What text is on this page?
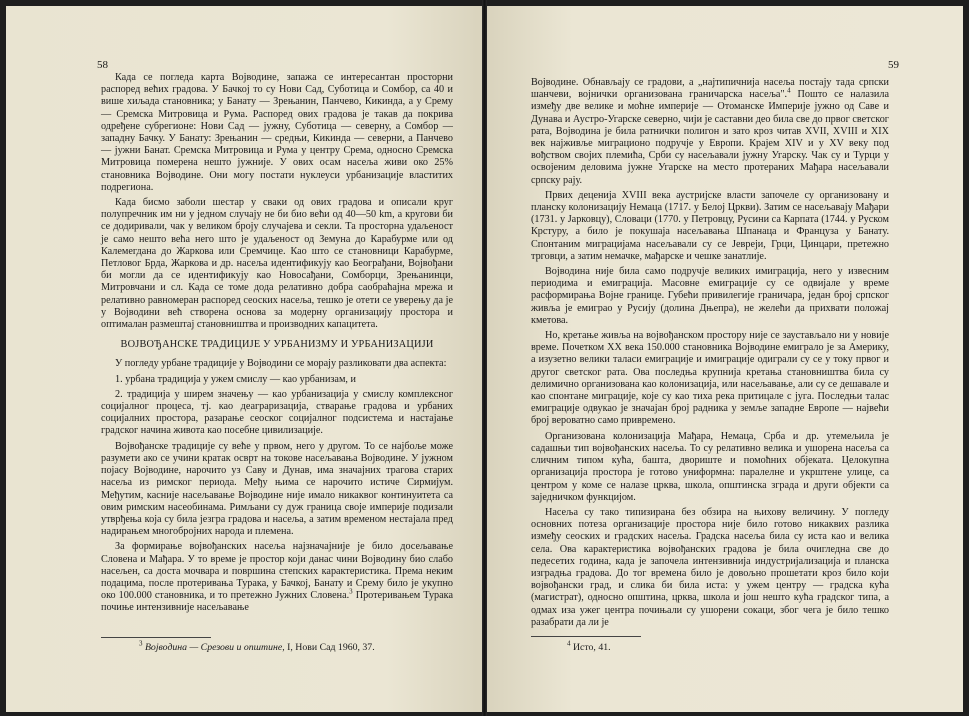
58

Када се погледа карта Војводине, запажа се интересантан просторни распоред већих градова. У Бачкој то су Нови Сад, Суботица и Сомбор, са 40 и више хиљада становника; у Банату — Зрењанин, Панчево, Кикинда, а у Срему — Сремска Митровица и Рума. Распоред ових градова је такав да покрива одређене субрегионе: Нови Сад — јужну, Суботица — северну, а Сомбор — западну Бачку. У Банату: Зрењанин — средњи, Кикинда — северни, а Панчево — јужни Банат. Сремска Митровица и Рума у центру Срема, односно Сремска Митровица померена нешто јужније. У ових осам насеља живи око 25% становника Војводине. Они могу постати нуклеуси урбанизације властитих подрегиона.

Када бисмо заболи шестар у сваки од ових градова и описали круг полупречник им ни у једном случају не би био већи од 40—50 km, а кругови би се додиривали, чак у великом броју случајева и секли. Та просторна удаљеност је само нешто већа него што је удаљеност од Земуна до Карабурме или од Калемегдана до Жаркова или Сремчице. Као што се становници Карабурме, Петловог Брда, Жаркова и др. насеља идентификују као Београђани, Војвођани би могли да се идентификују као Новосађани, Сомборци, Зрењанинци, Митровчани и сл. Када се томе дода релативно добра саобраћајна мрежа и релативно равномеран распоред сеоских насеља, тешко је отети се уверењу да је у Војводини већ створена основа за модерну организацију простора и оптималан размештај становништва и производних капацитета.

ВОЈВОЂАНСКЕ ТРАДИЦИЈЕ У УРБАНИЗМУ И УРБАНИЗАЦИЈИ

У погледу урбане традиције у Војводини се морају разликовати два аспекта:

1. урбана традиција у ужем смислу — као урбанизам, и

2. традиција у ширем значењу — као урбанизација у смислу комплексног социјалног процеса, тј. као деаграризација, стварање градова и урбаних социјалних простора, разарање сеоског социјалног подсистема и настајање градског начина живота као посебне цивилизације.

Војвођанске традиције су веће у првом, него у другом. То се најбоље може разумети ако се учини кратак осврт на токове насељавања Војводине. У јужном појасу Војводине, нарочито уз Саву и Дунав, има значајних трагова старих насеља из римског периода. Међу њима се нарочито истиче Сирмијум. Међутим, касније насељавање Војводине није имало никаквог континуитета са овим римским насеобинама. Римљани су дуж граница своје империје подизали утврђења која су била језгра градова и насеља, а затим временом нестајала пред надирањем многобројних народа и племена.

За формирање војвођанских насеља најзначајније је било досељавање Словена и Мађара. У то време је простор који данас чини Војводину био слабо насељен, са доста мочвара и површина степских карактеристика. Према неким подацима, после протеривања Турака, у Бачкој, Банату и Срему било је укупно око 100.000 становника, и то претежно Јужних Словена.$^3$ Протеривањем Турака почиње интензивније насељавање

$^3$ Војводина — Срезови и општине, I, Нови Сад 1960, 37.
59

Војводине. Обнављају се градови, а „најтипичнија насеља постају тада српски шанчеви, војнички организована граничарска насеља".$^4$ Пошто се налазила између две велике и моћне империје — Отоманске Империје јужно од Саве и Дунава и Аустро-Угарске северно, чији је саставни део била све до првог светског рата, Војводина је била ратнички полигон и зато кроз читав XVII, XVIII и XIX век најживље миграционо подручје у Европи. Крајем XIV и у XV веку под вођством својих племића, Срби су насељавали јужну Угарску. Чак су и Турци у освојеним деловима јужне Угарске на место протераних Мађара насељавали српску рају.

Првих деценија XVIII века аустријске власти започеле су организовану и планску колонизацију Немаца (1717. у Белој Цркви). Затим се насељавају Мађари (1731. у Јарковцу), Словаци (1770. у Петровцу, Русини са Карпата (1744. у Руском Крстуру, а било је покушаја насељавања Шпанаца и Француза у Банату. Спонтаним миграцијама насељавали су се Јевреји, Грци, Цинцари, претежно трговци, а затим немачке, мађарске и чешке занатлије.

Војводина није била само подручје великих имиграција, него у извесним периодима и емиграција. Масовне емиграције су се одвијале у време расформирања Војне границе. Губећи привилегије граничара, један број српског живља је емиграо у Русију (долина Дњепра), не желећи да прихвати положај кметова.

Но, кретање живља на војвођанском простору није се заустављало ни у новије време. Почетком XX века 150.000 становника Војводине емиграло је за Америку, а изузетно велики таласи емиграције и имиграције одиграли су се у току првог и другог светског рата. Ова последња крупнија кретања становништва била су делимично организована као колонизација, или насељавање, али су се дешавале и као спонтане миграције, које су као тиха река притицале с југа. Последњи талас емиграције одвукао је значајан број радника у земље западне Европе — највећи број вероватно само привремено.

Организована колонизација Мађара, Немаца, Срба и др. утемељила је садашњи тип војвођанских насеља. То су релативно велика и ушорена насеља са сличним типом кућа, башта, двориште и помоћних објеката. Целокупна организација простора је готово униформна: паралелне и укрштене улице, са центром у коме се налазе црква, школа, општинска зграда и други објекти са заједничком функцијом.

Насеља су тако типизирана без обзира на њихову величину. У погледу основних потеза организације простора није било готово никаквих разлика између сеоских и градских насеља. Градска насеља била су иста као и велика села. Ова карактеристика војвођанских градова је била очигледна све до педесетих година, када је започела интензивнија индустријализација и планска изградња градова. До тог времена било је довољно прошетати кроз било који војвођански град, и слика би била иста: у ужем центру — градска кућа (магистрат), односно општина, црква, школа и још нешто кућа градског типа, а одмах иза ужег центра почињали су ушорени сокаци, због чега је било тешко разабрати да ли је

$^4$ Исто, 41.
